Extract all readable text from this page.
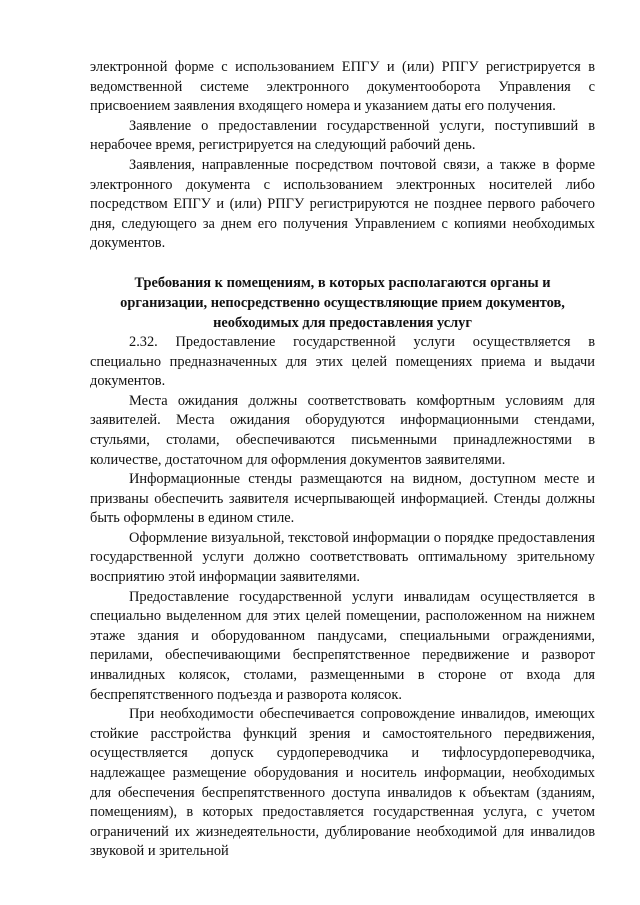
электронной форме с использованием ЕПГУ и (или) РПГУ регистрируется в ведомственной системе электронного документооборота Управления с присвоением заявления входящего номера и указанием даты его получения.

Заявление о предоставлении государственной услуги, поступивший в нерабочее время, регистрируется на следующий рабочий день.

Заявления, направленные посредством почтовой связи, а также в форме электронного документа с использованием электронных носителей либо посредством ЕПГУ и (или) РПГУ регистрируются не позднее первого рабочего дня, следующего за днем его получения Управлением с копиями необходимых документов.

Требования к помещениям, в которых располагаются органы и организации, непосредственно осуществляющие прием документов, необходимых для предоставления услуг

2.32. Предоставление государственной услуги осуществляется в специально предназначенных для этих целей помещениях приема и выдачи документов.

Места ожидания должны соответствовать комфортным условиям для заявителей. Места ожидания оборудуются информационными стендами, стульями, столами, обеспечиваются письменными принадлежностями в количестве, достаточном для оформления документов заявителями.

Информационные стенды размещаются на видном, доступном месте и призваны обеспечить заявителя исчерпывающей информацией. Стенды должны быть оформлены в едином стиле.

Оформление визуальной, текстовой информации о порядке предоставления государственной услуги должно соответствовать оптимальному зрительному восприятию этой информации заявителями.

Предоставление государственной услуги инвалидам осуществляется в специально выделенном для этих целей помещении, расположенном на нижнем этаже здания и оборудованном пандусами, специальными ограждениями, перилами, обеспечивающими беспрепятственное передвижение и разворот инвалидных колясок, столами, размещенными в стороне от входа для беспрепятственного подъезда и разворота колясок.

При необходимости обеспечивается сопровождение инвалидов, имеющих стойкие расстройства функций зрения и самостоятельного передвижения, осуществляется допуск сурдопереводчика и тифлосурдопереводчика, надлежащее размещение оборудования и носитель информации, необходимых для обеспечения беспрепятственного доступа инвалидов к объектам (зданиям, помещениям), в которых предоставляется государственная услуга, с учетом ограничений их жизнедеятельности, дублирование необходимой для инвалидов звуковой и зрительной
